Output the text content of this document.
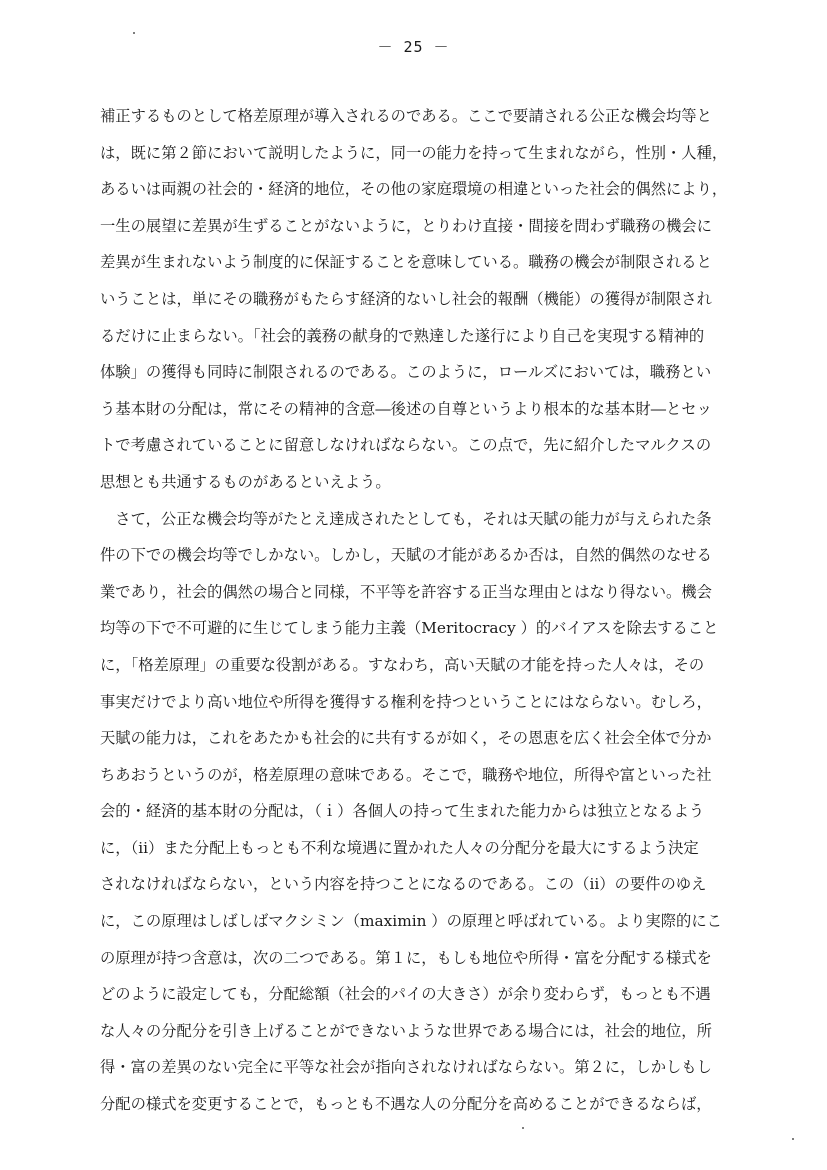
－ 25 －
補正するものとして格差原理が導入されるのである。ここで要請される公正な機会均等と
は，既に第２節において説明したように，同一の能力を持って生まれながら，性別・人種，
あるいは両親の社会的・経済的地位，その他の家庭環境の相違といった社会的偶然により，
一生の展望に差異が生ずることがないように，とりわけ直接・間接を問わず職務の機会に
差異が生まれないよう制度的に保証することを意味している。職務の機会が制限されると
いうことは，単にその職務がもたらす経済的ないし社会的報酬（機能）の獲得が制限され
るだけに止まらない。「社会的義務の献身的で熟達した遂行により自己を実現する精神的
体験」の獲得も同時に制限されるのである。このように，ロールズにおいては，職務とい
う基本財の分配は，常にその精神的含意―後述の自尊というより根本的な基本財―とセッ
トで考慮されていることに留意しなければならない。この点で，先に紹介したマルクスの
思想とも共通するものがあるといえよう。
　さて，公正な機会均等がたとえ達成されたとしても，それは天賦の能力が与えられた条
件の下での機会均等でしかない。しかし，天賦の才能があるか否は，自然的偶然のなせる
業であり，社会的偶然の場合と同様，不平等を許容する正当な理由とはなり得ない。機会
均等の下で不可避的に生じてしまう能力主義（Meritocracy ）的バイアスを除去すること
に，「格差原理」の重要な役割がある。すなわち，高い天賦の才能を持った人々は，その
事実だけでより高い地位や所得を獲得する権利を持つということにはならない。むしろ，
天賦の能力は，これをあたかも社会的に共有するが如く，その恩恵を広く社会全体で分か
ちあおうというのが，格差原理の意味である。そこで，職務や地位，所得や富といった社
会的・経済的基本財の分配は，（ｉ）各個人の持って生まれた能力からは独立となるよう
に，（ⅱ）また分配上もっとも不利な境遇に置かれた人々の分配分を最大にするよう決定
されなければならない，という内容を持つことになるのである。この（ⅱ）の要件のゆえ
に，この原理はしばしばマクシミン（maximin ）の原理と呼ばれている。より実際的にこ
の原理が持つ含意は，次の二つである。第１に，もしも地位や所得・富を分配する様式を
どのように設定しても，分配総額（社会的パイの大きさ）が余り変わらず，もっとも不遇
な人々の分配分を引き上げることができないような世界である場合には，社会的地位，所
得・富の差異のない完全に平等な社会が指向されなければならない。第２に，しかしもし
分配の様式を変更することで，もっとも不遇な人の分配分を高めることができるならば，
